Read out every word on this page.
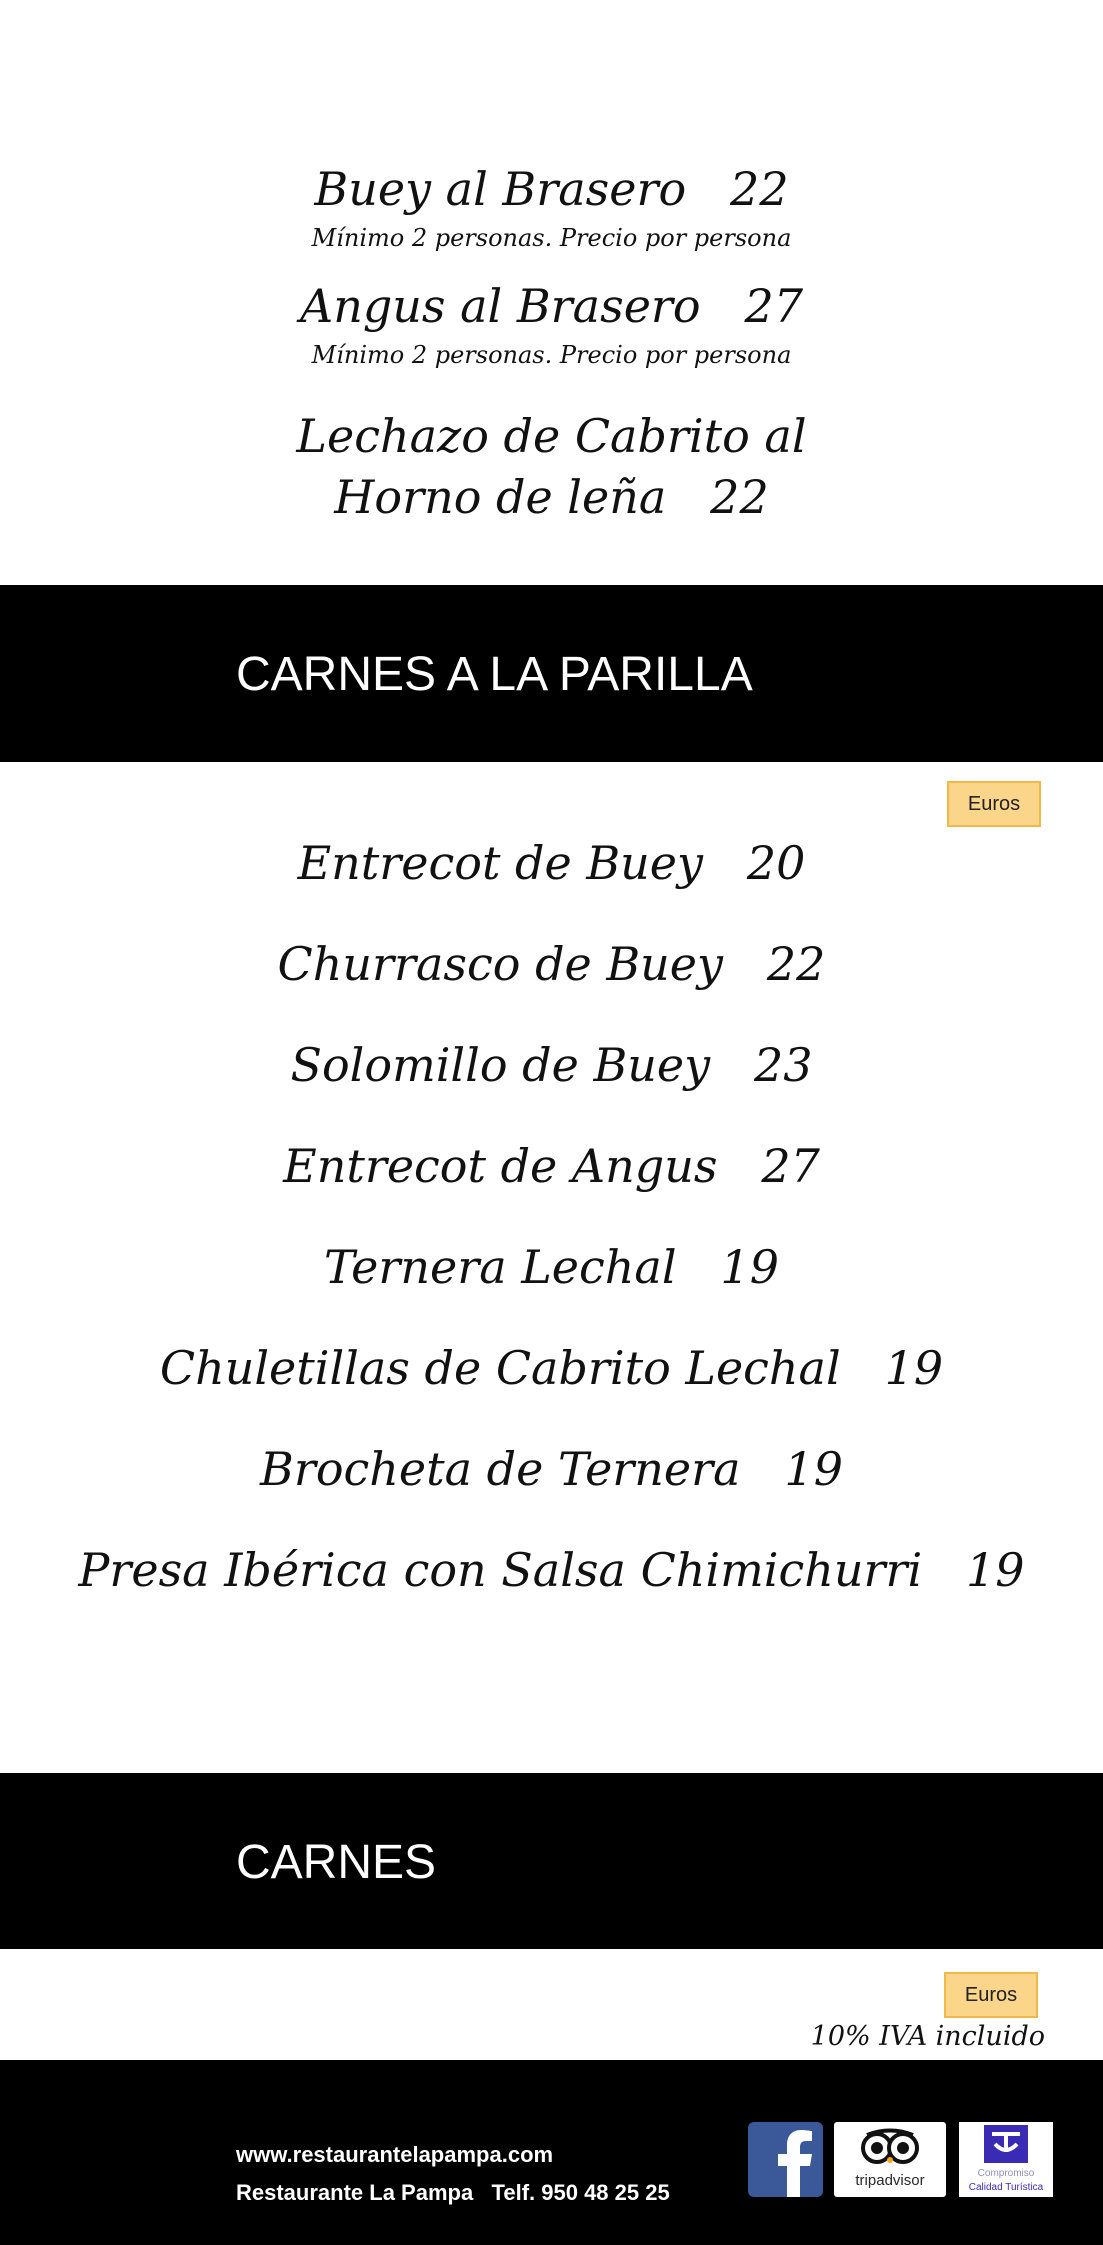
Buey al Brasero 22
Mínimo 2 personas. Precio por persona
Angus al Brasero 27
Mínimo 2 personas. Precio por persona
Lechazo de Cabrito al
Horno de leña 22
CARNES A LA PARILLA
Euros
Entrecot de Buey 20
Churrasco de Buey 22
Solomillo de Buey 23
Entrecot de Angus 27
Ternera Lechal 19
Chuletillas de Cabrito Lechal 19
Brocheta de Ternera 19
Presa Ibérica con Salsa Chimichurri 19
CARNES
Euros
10% IVA incluido
www.restaurantelapampa.com
Restaurante La Pampa Telf. 950 48 25 25	tripadvisor	Compromiso
Calidad Turística
